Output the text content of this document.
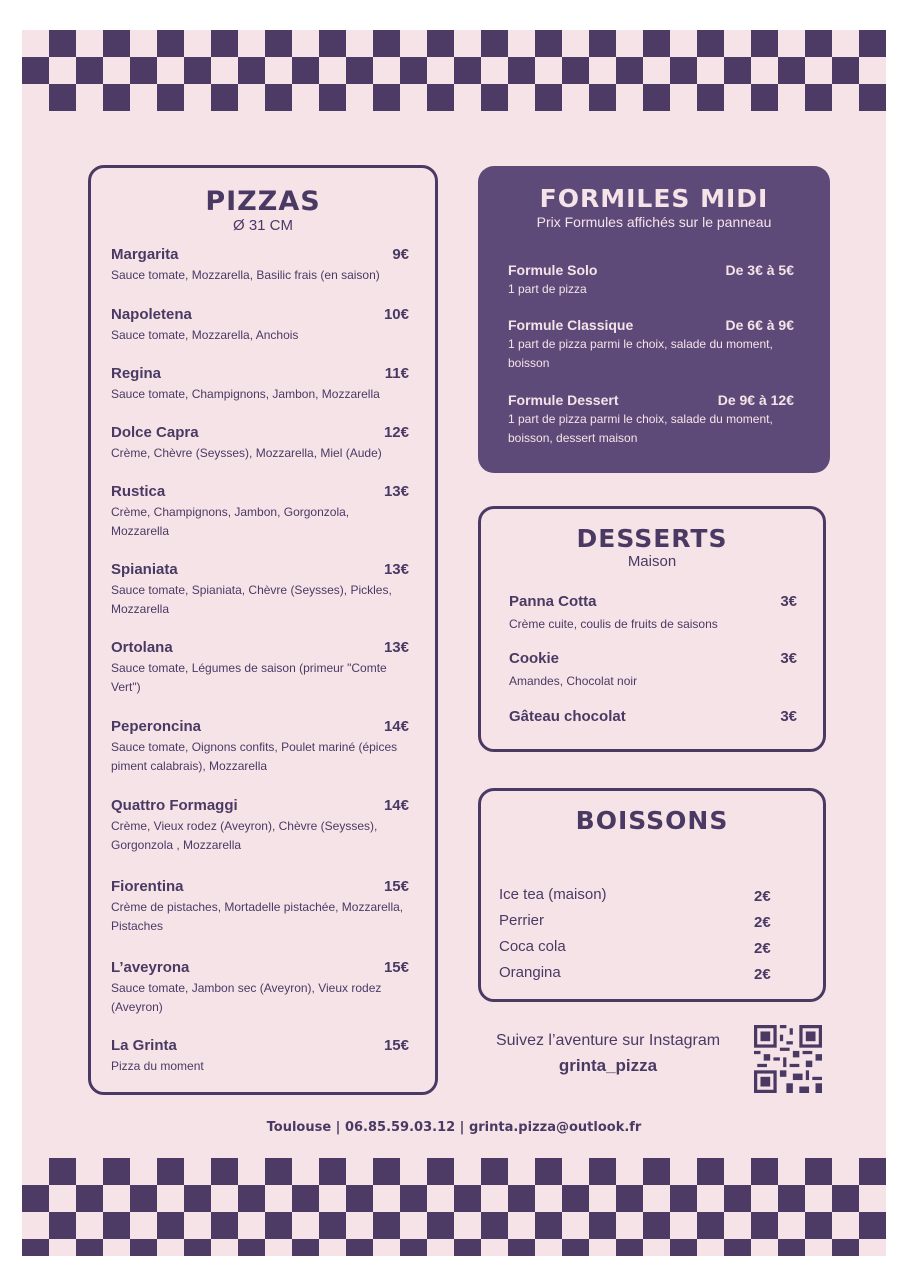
PIZZAS
Ø 31 CM
Margarita	9€
Sauce tomate, Mozzarella, Basilic frais (en saison)
Napoletena	10€
Sauce tomate, Mozzarella, Anchois
Regina	11€
Sauce tomate, Champignons, Jambon, Mozzarella
Dolce Capra	12€
Crème, Chèvre (Seysses), Mozzarella, Miel (Aude)
Rustica	13€
Crème, Champignons, Jambon, Gorgonzola, Mozzarella
Spianiata	13€
Sauce tomate, Spianiata, Chèvre (Seysses), Pickles, Mozzarella
Ortolana	13€
Sauce tomate, Légumes de saison (primeur "Comte Vert")
Peperoncina	14€
Sauce tomate, Oignons confits, Poulet mariné (épices piment calabrais), Mozzarella
Quattro Formaggi	14€
Crème, Vieux rodez (Aveyron), Chèvre (Seysses), Gorgonzola , Mozzarella
Fiorentina	15€
Crème de pistaches, Mortadelle pistachée, Mozzarella, Pistaches
L’aveyrona	15€
Sauce tomate, Jambon sec (Aveyron), Vieux rodez (Aveyron)
La Grinta	15€
Pizza du moment
FORMILES MIDI
Prix Formules affichés sur le panneau
Formule Solo	De 3€ à 5€
1 part de pizza
Formule Classique	De 6€ à 9€
1 part de pizza parmi le choix, salade du moment, boisson
Formule Dessert	De 9€ à 12€
1 part de pizza parmi le choix, salade du moment, boisson, dessert maison
DESSERTS
Maison
Panna Cotta	3€
Crème cuite, coulis de fruits de saisons
Cookie	3€
Amandes, Chocolat noir
Gâteau chocolat	3€
BOISSONS
Ice tea (maison)	2€
Perrier	2€
Coca cola	2€
Orangina	2€
Suivez l’aventure sur Instagram
grinta_pizza
Toulouse | 06.85.59.03.12 | grinta.pizza@outlook.fr
